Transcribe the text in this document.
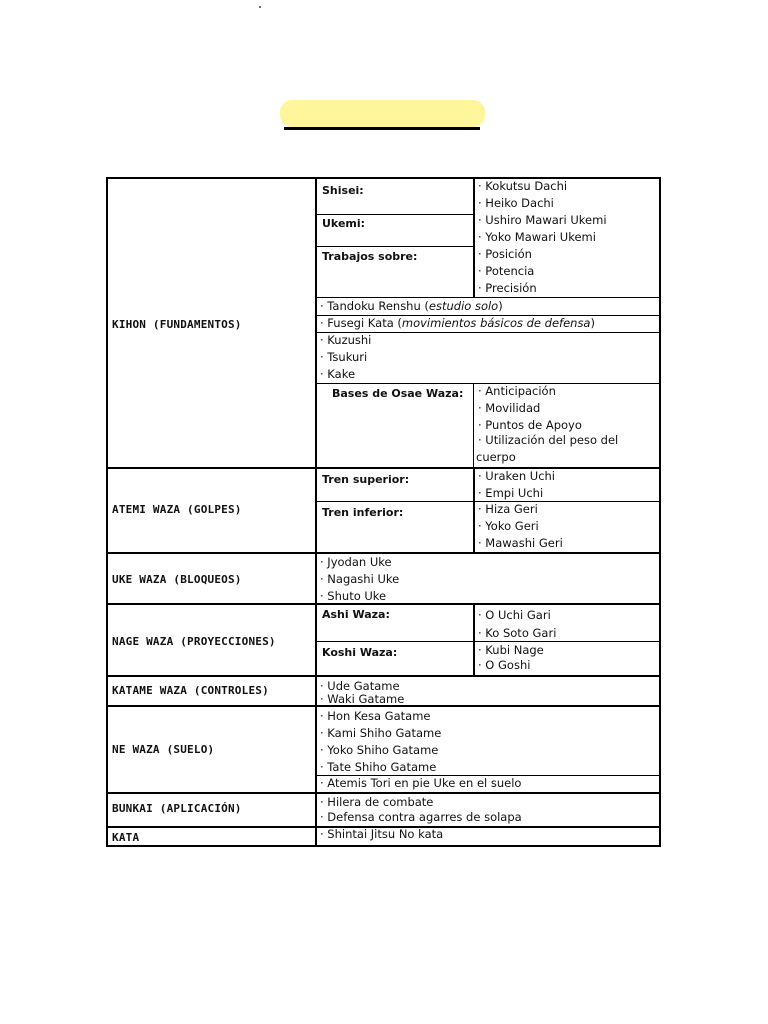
KIHON (FUNDAMENTOS)
ATEMI WAZA (GOLPES)
UKE WAZA (BLOQUEOS)
NAGE WAZA (PROYECCIONES)
KATAME WAZA (CONTROLES)
NE WAZA (SUELO)
BUNKAI (APLICACIÓN)
KATA
Shisei:
Ukemi:
Trabajos sobre:
· Kokutsu Dachi
· Heiko Dachi
· Ushiro Mawari Ukemi
· Yoko Mawari Ukemi
· Posición
· Potencia
· Precisión
· Tandoku Renshu (estudio solo)
· Fusegi Kata (movimientos básicos de defensa)
· Kuzushi
· Tsukuri
· Kake
Bases de Osae Waza: · Anticipación
· Movilidad
· Puntos de Apoyo
· Utilización del peso del
cuerpo
Tren superior:
Tren inferior:
· Uraken Uchi
· Empi Uchi
· Hiza Geri
· Yoko Geri
· Mawashi Geri
· Jyodan Uke
· Nagashi Uke
· Shuto Uke
Ashi Waza:
Koshi Waza:
· O Uchi Gari
· Ko Soto Gari
· Kubi Nage
· O Goshi
· Ude Gatame
· Waki Gatame
· Hon Kesa Gatame
· Kami Shiho Gatame
· Yoko Shiho Gatame
· Tate Shiho Gatame
· Atemis Tori en pie Uke en el suelo
· Hilera de combate
· Defensa contra agarres de solapa
· Shintai Jitsu No kata
